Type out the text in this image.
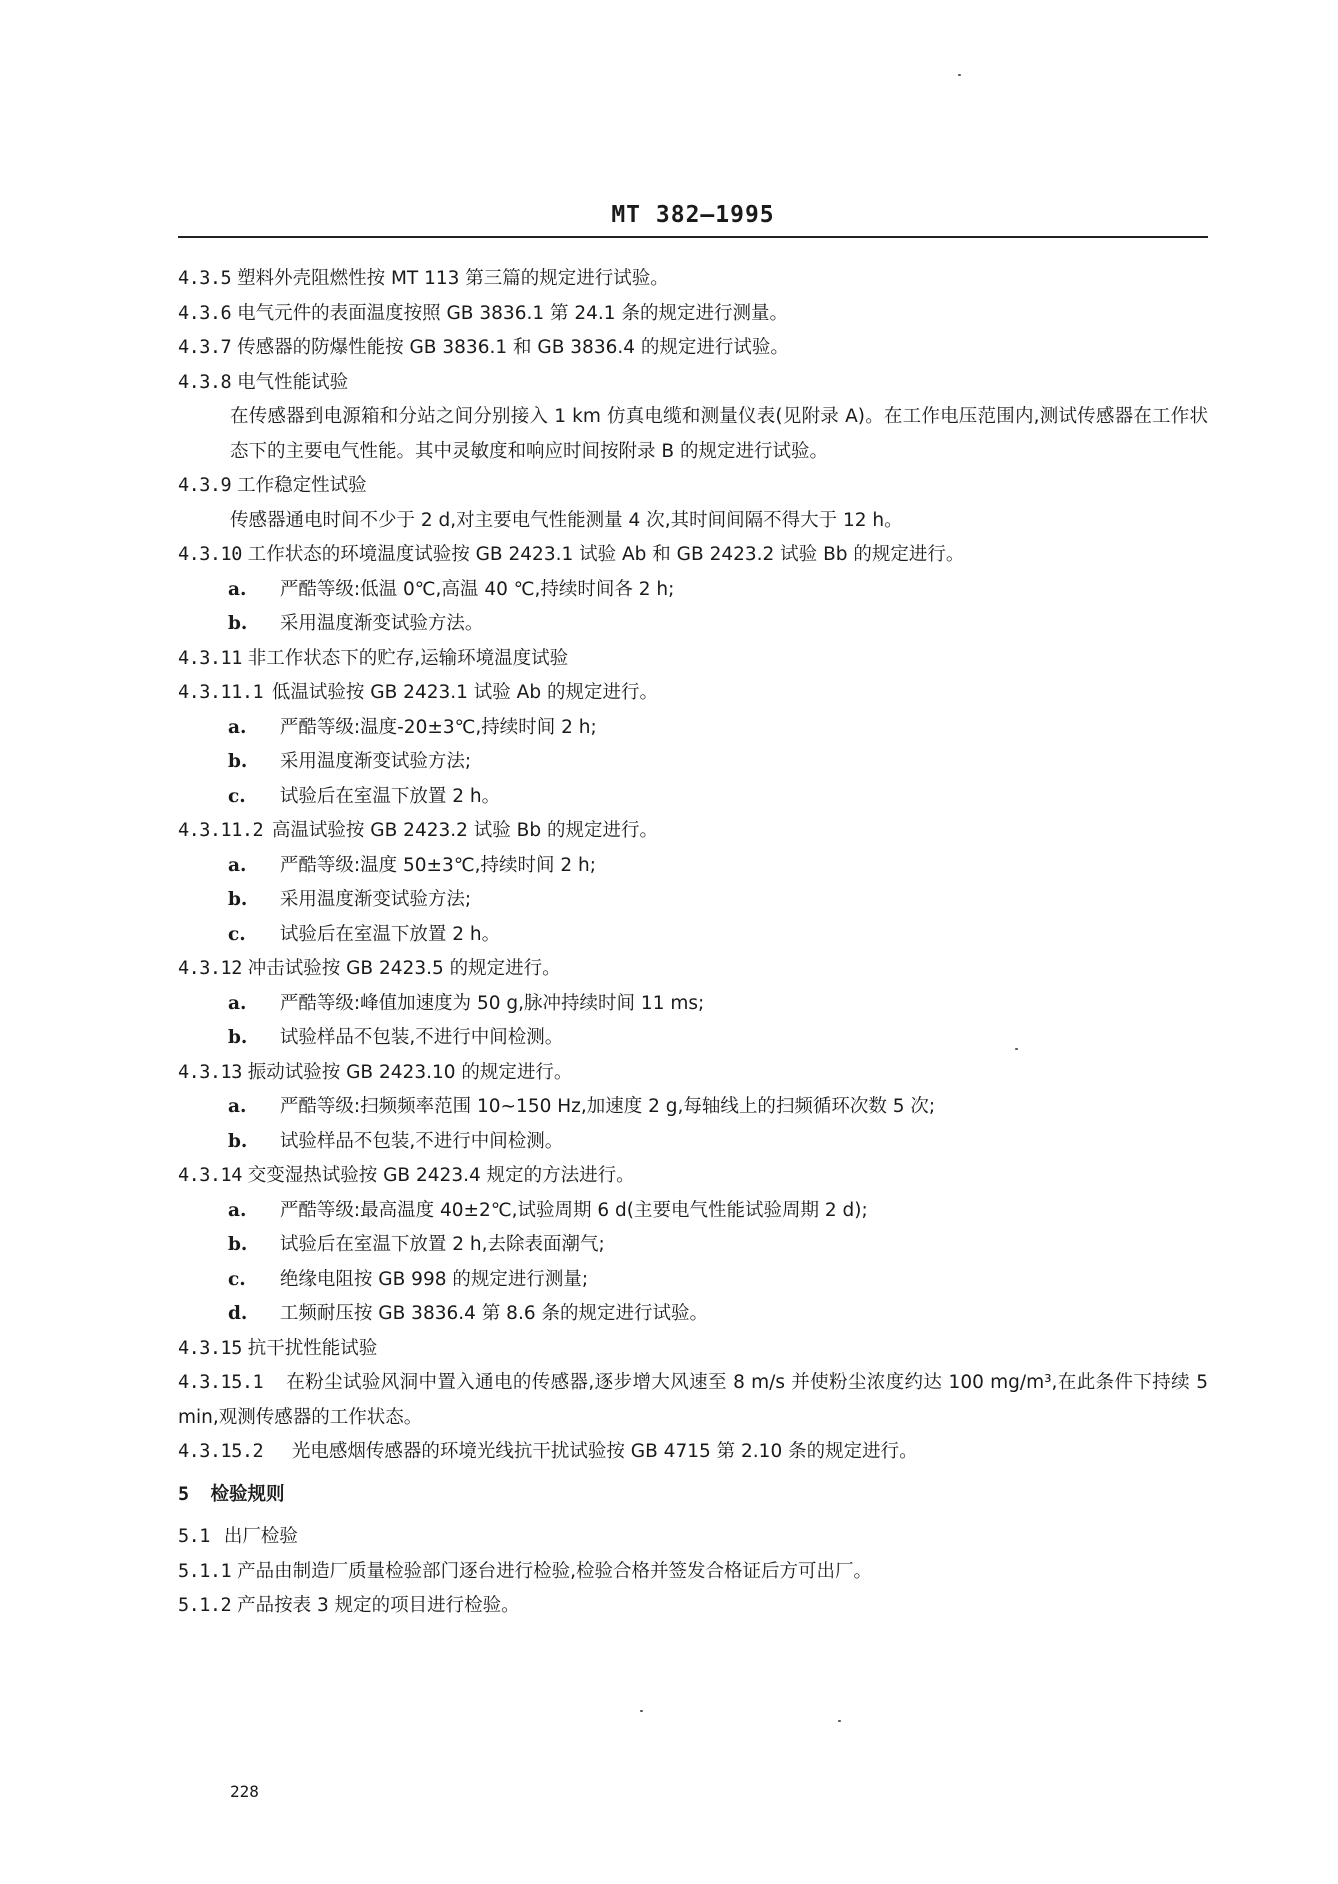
MT 382—1995
4.3.5 塑料外壳阻燃性按 MT 113 第三篇的规定进行试验。
4.3.6 电气元件的表面温度按照 GB 3836.1 第 24.1 条的规定进行测量。
4.3.7 传感器的防爆性能按 GB 3836.1 和 GB 3836.4 的规定进行试验。
4.3.8 电气性能试验
在传感器到电源箱和分站之间分别接入 1 km 仿真电缆和测量仪表(见附录 A)。在工作电压范围内,测试传感器在工作状态下的主要电气性能。其中灵敏度和响应时间按附录 B 的规定进行试验。
4.3.9 工作稳定性试验
传感器通电时间不少于 2 d,对主要电气性能测量 4 次,其时间间隔不得大于 12 h。
4.3.10 工作状态的环境温度试验按 GB 2423.1 试验 Ab 和 GB 2423.2 试验 Bb 的规定进行。
a. 严酷等级:低温 0℃,高温 40 ℃,持续时间各 2 h;
b. 采用温度渐变试验方法。
4.3.11 非工作状态下的贮存,运输环境温度试验
4.3.11.1 低温试验按 GB 2423.1 试验 Ab 的规定进行。
a. 严酷等级:温度-20±3℃,持续时间 2 h;
b. 采用温度渐变试验方法;
c. 试验后在室温下放置 2 h。
4.3.11.2 高温试验按 GB 2423.2 试验 Bb 的规定进行。
a. 严酷等级:温度 50±3℃,持续时间 2 h;
b. 采用温度渐变试验方法;
c. 试验后在室温下放置 2 h。
4.3.12 冲击试验按 GB 2423.5 的规定进行。
a. 严酷等级:峰值加速度为 50 g,脉冲持续时间 11 ms;
b. 试验样品不包装,不进行中间检测。
4.3.13 振动试验按 GB 2423.10 的规定进行。
a. 严酷等级:扫频频率范围 10~150 Hz,加速度 2 g,每轴线上的扫频循环次数 5 次;
b. 试验样品不包装,不进行中间检测。
4.3.14 交变湿热试验按 GB 2423.4 规定的方法进行。
a. 严酷等级:最高温度 40±2℃,试验周期 6 d(主要电气性能试验周期 2 d);
b. 试验后在室温下放置 2 h,去除表面潮气;
c. 绝缘电阻按 GB 998 的规定进行测量;
d. 工频耐压按 GB 3836.4 第 8.6 条的规定进行试验。
4.3.15 抗干扰性能试验
4.3.15.1 在粉尘试验风洞中置入通电的传感器,逐步增大风速至 8 m/s 并使粉尘浓度约达 100 mg/m³,在此条件下持续 5 min,观测传感器的工作状态。
4.3.15.2 光电感烟传感器的环境光线抗干扰试验按 GB 4715 第 2.10 条的规定进行。
5 检验规则
5.1 出厂检验
5.1.1 产品由制造厂质量检验部门逐台进行检验,检验合格并签发合格证后方可出厂。
5.1.2 产品按表 3 规定的项目进行检验。
228
